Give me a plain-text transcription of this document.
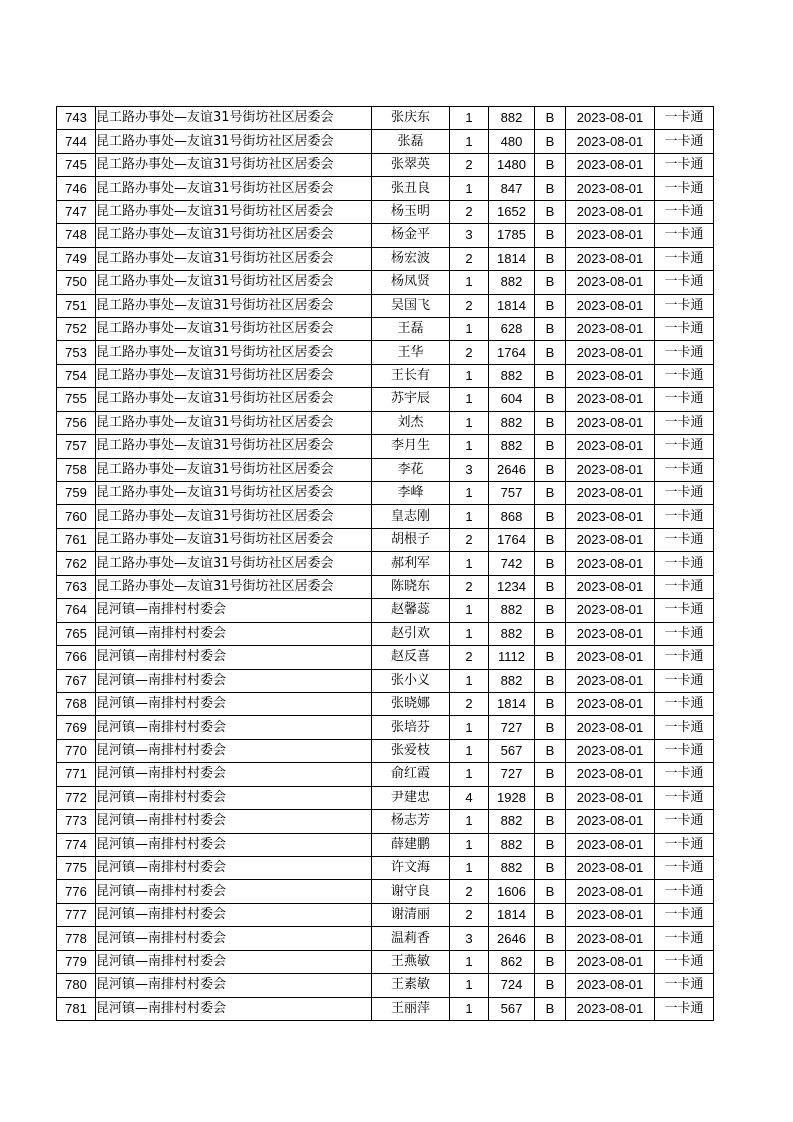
743	昆工路办事处—友谊31号街坊社区居委会	张庆东	1	882	B	2023-08-01	一卡通
744	昆工路办事处—友谊31号街坊社区居委会	张磊	1	480	B	2023-08-01	一卡通
745	昆工路办事处—友谊31号街坊社区居委会	张翠英	2	1480	B	2023-08-01	一卡通
746	昆工路办事处—友谊31号街坊社区居委会	张丑良	1	847	B	2023-08-01	一卡通
747	昆工路办事处—友谊31号街坊社区居委会	杨玉明	2	1652	B	2023-08-01	一卡通
748	昆工路办事处—友谊31号街坊社区居委会	杨金平	3	1785	B	2023-08-01	一卡通
749	昆工路办事处—友谊31号街坊社区居委会	杨宏波	2	1814	B	2023-08-01	一卡通
750	昆工路办事处—友谊31号街坊社区居委会	杨凤贤	1	882	B	2023-08-01	一卡通
751	昆工路办事处—友谊31号街坊社区居委会	吴国飞	2	1814	B	2023-08-01	一卡通
752	昆工路办事处—友谊31号街坊社区居委会	王磊	1	628	B	2023-08-01	一卡通
753	昆工路办事处—友谊31号街坊社区居委会	王华	2	1764	B	2023-08-01	一卡通
754	昆工路办事处—友谊31号街坊社区居委会	王长有	1	882	B	2023-08-01	一卡通
755	昆工路办事处—友谊31号街坊社区居委会	苏宇辰	1	604	B	2023-08-01	一卡通
756	昆工路办事处—友谊31号街坊社区居委会	刘杰	1	882	B	2023-08-01	一卡通
757	昆工路办事处—友谊31号街坊社区居委会	李月生	1	882	B	2023-08-01	一卡通
758	昆工路办事处—友谊31号街坊社区居委会	李花	3	2646	B	2023-08-01	一卡通
759	昆工路办事处—友谊31号街坊社区居委会	李峰	1	757	B	2023-08-01	一卡通
760	昆工路办事处—友谊31号街坊社区居委会	皇志刚	1	868	B	2023-08-01	一卡通
761	昆工路办事处—友谊31号街坊社区居委会	胡根子	2	1764	B	2023-08-01	一卡通
762	昆工路办事处—友谊31号街坊社区居委会	郝利军	1	742	B	2023-08-01	一卡通
763	昆工路办事处—友谊31号街坊社区居委会	陈晓东	2	1234	B	2023-08-01	一卡通
764	昆河镇—南排村村委会	赵馨蕊	1	882	B	2023-08-01	一卡通
765	昆河镇—南排村村委会	赵引欢	1	882	B	2023-08-01	一卡通
766	昆河镇—南排村村委会	赵反喜	2	1112	B	2023-08-01	一卡通
767	昆河镇—南排村村委会	张小义	1	882	B	2023-08-01	一卡通
768	昆河镇—南排村村委会	张晓娜	2	1814	B	2023-08-01	一卡通
769	昆河镇—南排村村委会	张培芬	1	727	B	2023-08-01	一卡通
770	昆河镇—南排村村委会	张爱枝	1	567	B	2023-08-01	一卡通
771	昆河镇—南排村村委会	俞红霞	1	727	B	2023-08-01	一卡通
772	昆河镇—南排村村委会	尹建忠	4	1928	B	2023-08-01	一卡通
773	昆河镇—南排村村委会	杨志芳	1	882	B	2023-08-01	一卡通
774	昆河镇—南排村村委会	薛建鹏	1	882	B	2023-08-01	一卡通
775	昆河镇—南排村村委会	许文海	1	882	B	2023-08-01	一卡通
776	昆河镇—南排村村委会	谢守良	2	1606	B	2023-08-01	一卡通
777	昆河镇—南排村村委会	谢清丽	2	1814	B	2023-08-01	一卡通
778	昆河镇—南排村村委会	温莉香	3	2646	B	2023-08-01	一卡通
779	昆河镇—南排村村委会	王燕敏	1	862	B	2023-08-01	一卡通
780	昆河镇—南排村村委会	王素敏	1	724	B	2023-08-01	一卡通
781	昆河镇—南排村村委会	王丽萍	1	567	B	2023-08-01	一卡通
